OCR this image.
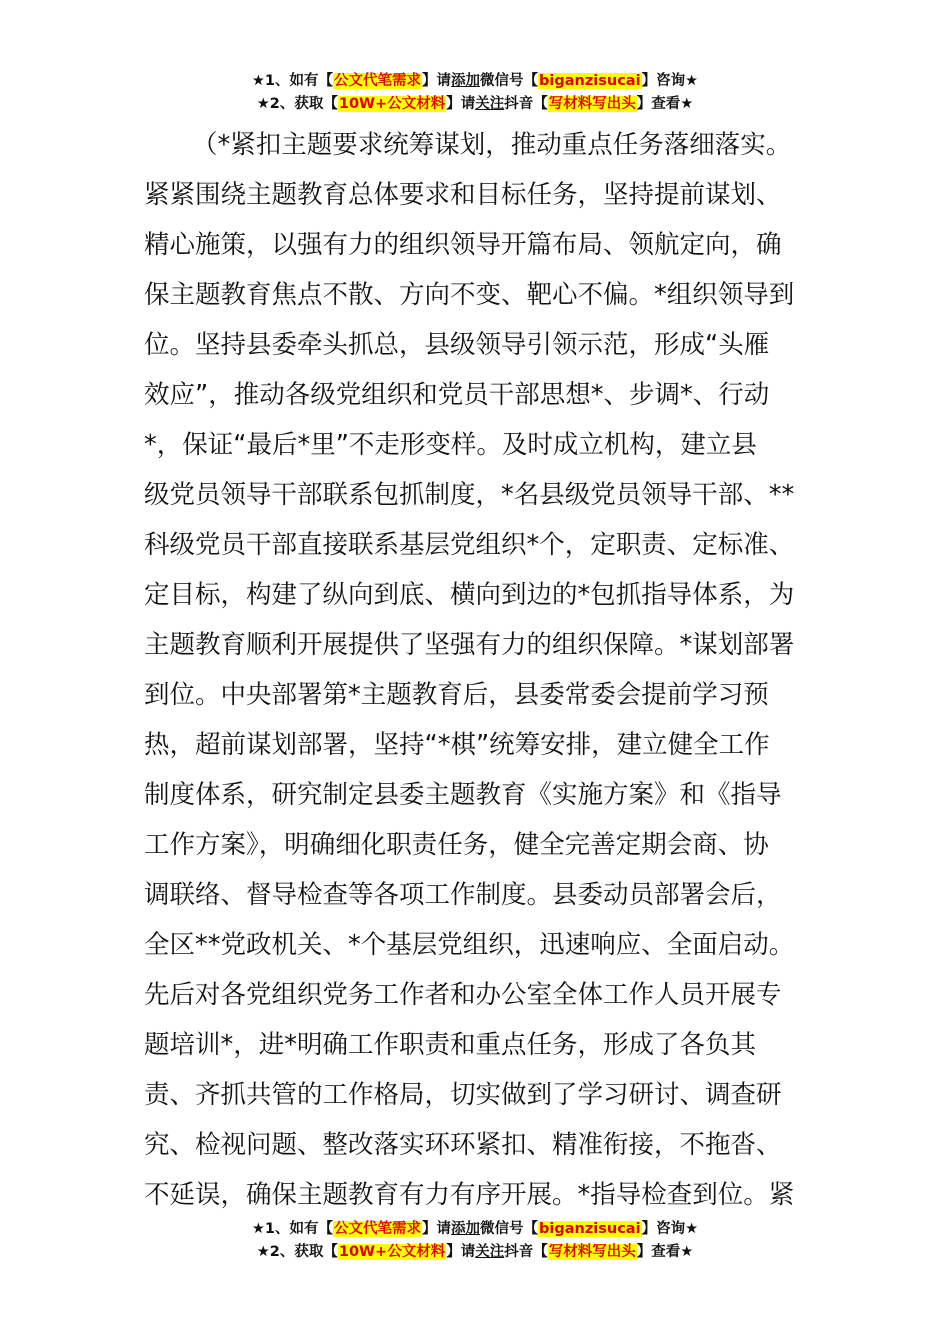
★1、如有【公文代笔需求】请添加微信号【biganzisucai】咨询★
★2、获取【10W+公文材料】请关注抖音【写材料写出头】查看★
（*紧扣主题要求统筹谋划，推动重点任务落细落实。
紧紧围绕主题教育总体要求和目标任务，坚持提前谋划、
精心施策，以强有力的组织领导开篇布局、领航定向，确
保主题教育焦点不散、方向不变、靶心不偏。*组织领导到
位。坚持县委牵头抓总，县级领导引领示范，形成“头雁
效应”，推动各级党组织和党员干部思想*、步调*、行动
*，保证“最后*里”不走形变样。及时成立机构，建立县
级党员领导干部联系包抓制度，*名县级党员领导干部、**
科级党员干部直接联系基层党组织*个，定职责、定标准、
定目标，构建了纵向到底、横向到边的*包抓指导体系，为
主题教育顺利开展提供了坚强有力的组织保障。*谋划部署
到位。中央部署第*主题教育后，县委常委会提前学习预
热，超前谋划部署，坚持“*棋”统筹安排，建立健全工作
制度体系，研究制定县委主题教育《实施方案》和《指导
工作方案》，明确细化职责任务，健全完善定期会商、协
调联络、督导检查等各项工作制度。县委动员部署会后，
全区**党政机关、*个基层党组织，迅速响应、全面启动。
先后对各党组织党务工作者和办公室全体工作人员开展专
题培训*，进*明确工作职责和重点任务，形成了各负其
责、齐抓共管的工作格局，切实做到了学习研讨、调查研
究、检视问题、整改落实环环紧扣、精准衔接，不拖沓、
不延误，确保主题教育有力有序开展。*指导检查到位。紧
★1、如有【公文代笔需求】请添加微信号【biganzisucai】咨询★
★2、获取【10W+公文材料】请关注抖音【写材料写出头】查看★
